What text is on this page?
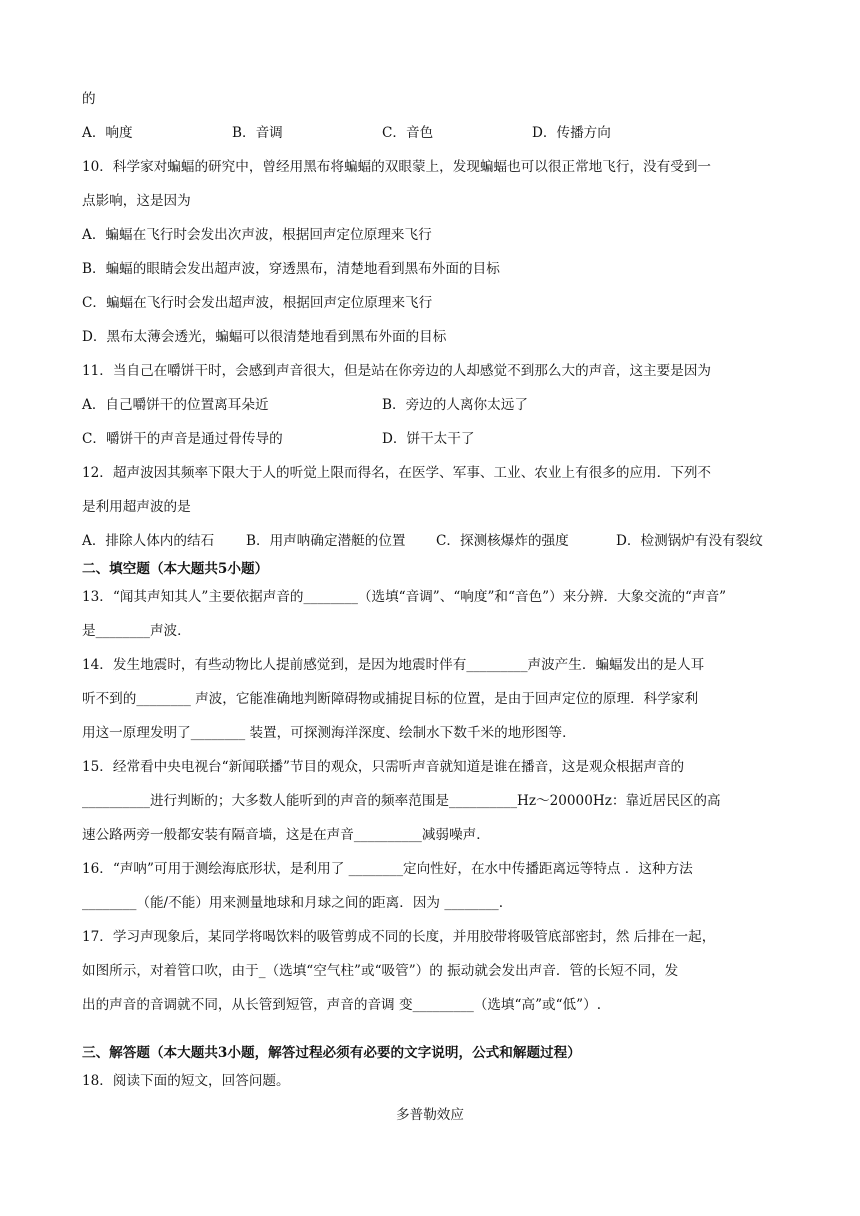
的
A．响度	B．音调	C．音色	D．传播方向
10．科学家对蝙蝠的研究中，曾经用黑布将蝙蝠的双眼蒙上，发现蝙蝠也可以很正常地飞行，没有受到一
点影响，这是因为
A．蝙蝠在飞行时会发出次声波，根据回声定位原理来飞行
B．蝙蝠的眼睛会发出超声波，穿透黑布，清楚地看到黑布外面的目标
C．蝙蝠在飞行时会发出超声波，根据回声定位原理来飞行
D．黑布太薄会透光，蝙蝠可以很清楚地看到黑布外面的目标
11．当自己在嚼饼干时，会感到声音很大，但是站在你旁边的人却感觉不到那么大的声音，这主要是因为
A．自己嚼饼干的位置离耳朵近	B．旁边的人离你太远了
C．嚼饼干的声音是通过骨传导的	D．饼干太干了
12．超声波因其频率下限大于人的听觉上限而得名，在医学、军事、工业、农业上有很多的应用．下列不
是利用超声波的是
A．排除人体内的结石 B．用声呐确定潜艇的位置 C．探测核爆炸的强度	D．检测锅炉有没有裂纹
二、填空题（本大题共5小题）
13．“闻其声知其人”主要依据声音的________（选填“音调”、“响度”和“音色”）来分辨．大象交流的“声音”
是________声波．
14．发生地震时，有些动物比人提前感觉到，是因为地震时伴有_________声波产生．蝙蝠发出的是人耳
听不到的________ 声波，它能准确地判断障碍物或捕捉目标的位置，是由于回声定位的原理．科学家利
用这一原理发明了________ 装置，可探测海洋深度、绘制水下数千米的地形图等．
15．经常看中央电视台“新闻联播”节目的观众，只需听声音就知道是谁在播音，这是观众根据声音的
__________进行判断的；大多数人能听到的声音的频率范围是__________Hz～20000Hz：靠近居民区的高
速公路两旁一般都安装有隔音墙，这是在声音__________减弱噪声．
16．“声呐”可用于测绘海底形状，是利用了 ________定向性好，在水中传播距离远等特点 ．这种方法
________（能/不能）用来测量地球和月球之间的距离．因为 ________.
17．学习声现象后，某同学将喝饮料的吸管剪成不同的长度，并用胶带将吸管底部密封，然 后排在一起，
如图所示，对着管口吹，由于_（选填“空气柱”或“吸管”）的 振动就会发出声音．管的长短不同，发
出的声音的音调就不同，从长管到短管，声音的音调 变_________（选填“高”或“低”）.
三、解答题（本大题共3小题，解答过程必须有必要的文字说明，公式和解题过程）
18．阅读下面的短文，回答问题。
多普勒效应
